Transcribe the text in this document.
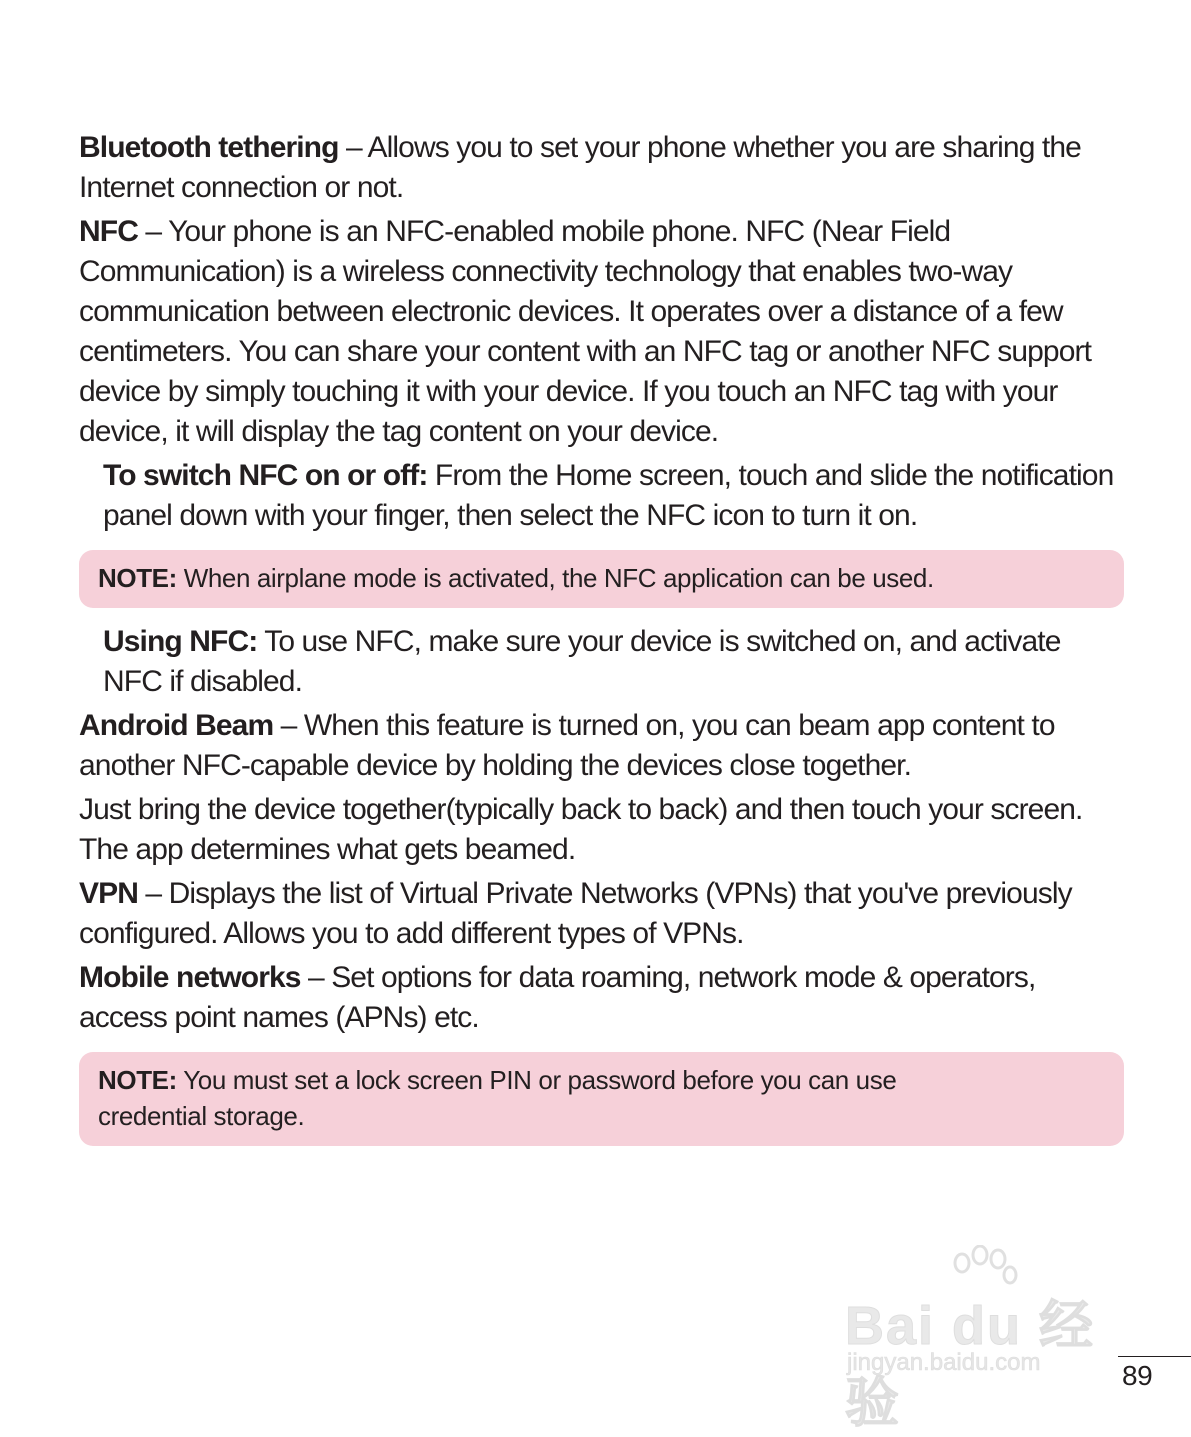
Bluetooth tethering – Allows you to set your phone whether you are sharing the Internet connection or not.

NFC – Your phone is an NFC-enabled mobile phone. NFC (Near Field Communication) is a wireless connectivity technology that enables two-way communication between electronic devices. It operates over a distance of a few centimeters. You can share your content with an NFC tag or another NFC support device by simply touching it with your device. If you touch an NFC tag with your device, it will display the tag content on your device.

To switch NFC on or off: From the Home screen, touch and slide the notification panel down with your finger, then select the NFC icon to turn it on.

NOTE: When airplane mode is activated, the NFC application can be used.

Using NFC: To use NFC, make sure your device is switched on, and activate NFC if disabled.

Android Beam – When this feature is turned on, you can beam app content to another NFC-capable device by holding the devices close together.

Just bring the device together(typically back to back) and then touch your screen. The app determines what gets beamed.

VPN – Displays the list of Virtual Private Networks (VPNs) that you've previously configured. Allows you to add different types of VPNs.

Mobile networks – Set options for data roaming, network mode & operators, access point names (APNs) etc.

NOTE: You must set a lock screen PIN or password before you can use credential storage.
Bai du 经验
jingyan.baidu.com	89
